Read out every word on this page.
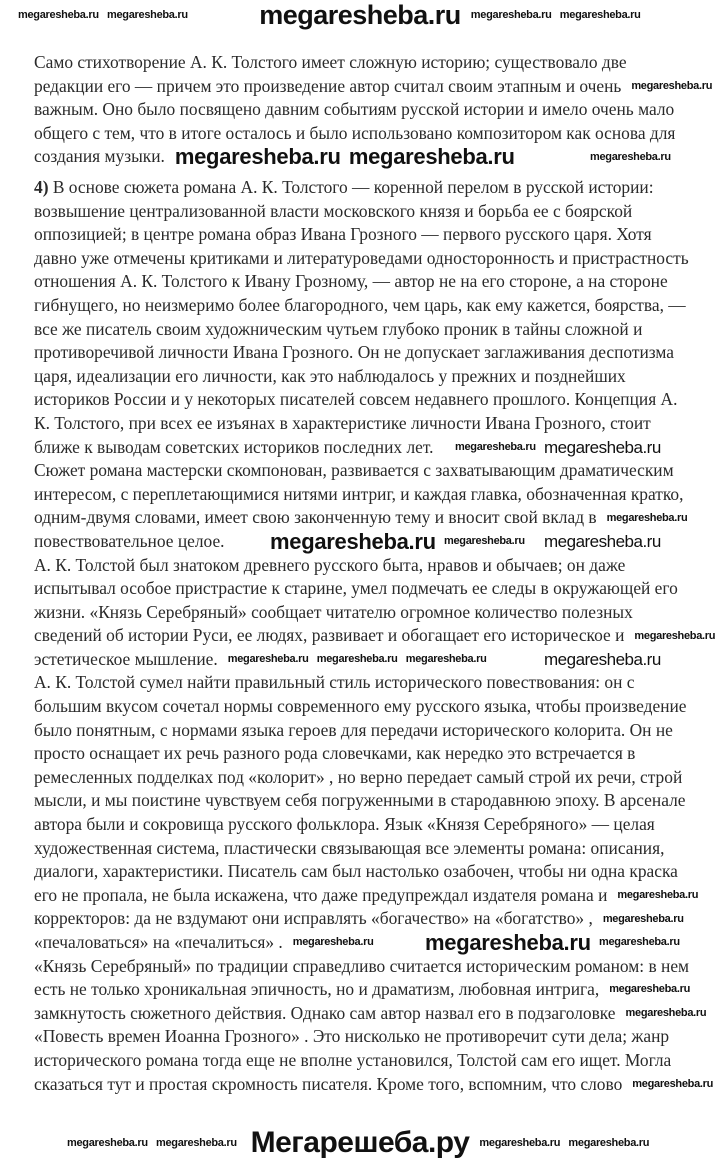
megaresheba.ru
Само стихотворение А. К. Толстого имеет сложную историю; существовало две
редакции его — причем это произведение автор считал своим этапным и очень
важным. Оно было посвящено давним событиям русской истории и имело очень мало
общего с тем, что в итоге осталось и было использовано композитором как основа для
создания музыки.
4) В основе сюжета романа А. К. Толстого — коренной перелом в русской истории:
возвышение централизованной власти московского князя и борьба ее с боярской
оппозицией; в центре романа образ Ивана Грозного — первого русского царя. Хотя
давно уже отмечены критиками и литературоведами односторонность и пристрастность
отношения А. К. Толстого к Ивану Грозному, — автор не на его стороне, а на стороне
гибнущего, но неизмеримо более благородного, чем царь, как ему кажется, боярства, —
все же писатель своим художническим чутьем глубоко проник в тайны сложной и
противоречивой личности Ивана Грозного. Он не допускает заглаживания деспотизма
царя, идеализации его личности, как это наблюдалось у прежних и позднейших
историков России и у некоторых писателей совсем недавнего прошлого. Концепция А.
К. Толстого, при всех ее изъянах в характеристике личности Ивана Грозного, стоит
ближе к выводам советских историков последних лет.
Сюжет романа мастерски скомпонован, развивается с захватывающим драматическим
интересом, с переплетающимися нитями интриг, и каждая главка, обозначенная кратко,
одним-двумя словами, имеет свою законченную тему и вносит свой вклад в
повествовательное целое.
А. К. Толстой был знатоком древнего русского быта, нравов и обычаев; он даже
испытывал особое пристрастие к старине, умел подмечать ее следы в окружающей его
жизни. «Князь Серебряный» сообщает читателю огромное количество полезных
сведений об истории Руси, ее людях, развивает и обогащает его историческое и
эстетическое мышление.
А. К. Толстой сумел найти правильный стиль исторического повествования: он с
большим вкусом сочетал нормы современного ему русского языка, чтобы произведение
было понятным, с нормами языка героев для передачи исторического колорита. Он не
просто оснащает их речь разного рода словечками, как нередко это встречается в
ремесленных подделках под «колорит» , но верно передает самый строй их речи, строй
мысли, и мы поистине чувствуем себя погруженными в стародавнюю эпоху. В арсенале
автора были и сокровища русского фольклора. Язык «Князя Серебряного» — целая
художественная система, пластически связывающая все элементы романа: описания,
диалоги, характеристики. Писатель сам был настолько озабочен, чтобы ни одна краска
его не пропала, не была искажена, что даже предупреждал издателя романа и
корректоров: да не вздумают они исправлять «богачество» на «богатство» ,
«печаловаться» на «печалиться» .
«Князь Серебряный» по традиции справедливо считается историческим романом: в нем
есть не только хроникальная эпичность, но и драматизм, любовная интрига,
замкнутость сюжетного действия. Однако сам автор назвал его в подзаголовке
«Повесть времен Иоанна Грозного» . Это нисколько не противоречит сути дела; жанр
исторического романа тогда еще не вполне установился, Толстой сам его ищет. Могла
сказаться тут и простая скромность писателя. Кроме того, вспомним, что слово
megaresheba.ru
megaresheba.ru megaresheba.ru
megaresheba.ru
megaresheba.ru
megaresheba.ru
megaresheba.ru
megaresheba.ru
megaresheba.ru megaresheba.ru
megaresheba.ru
megaresheba.ru
megaresheba.ru
megaresheba.ru
megaresheba.ru
megaresheba.ru
megaresheba.ru
megaresheba.ru
megaresheba.ru
megaresheba.ru
megaresheba.ru
megaresheba.ru
megaresheba.ru
megaresheba.ru
megaresheba.ru
megaresheba.ru megaresheba.ru
megaresheba.ru	megaresheba.ru megaresheba.ru
megaresheba.ru
Мегарешеба.ру
